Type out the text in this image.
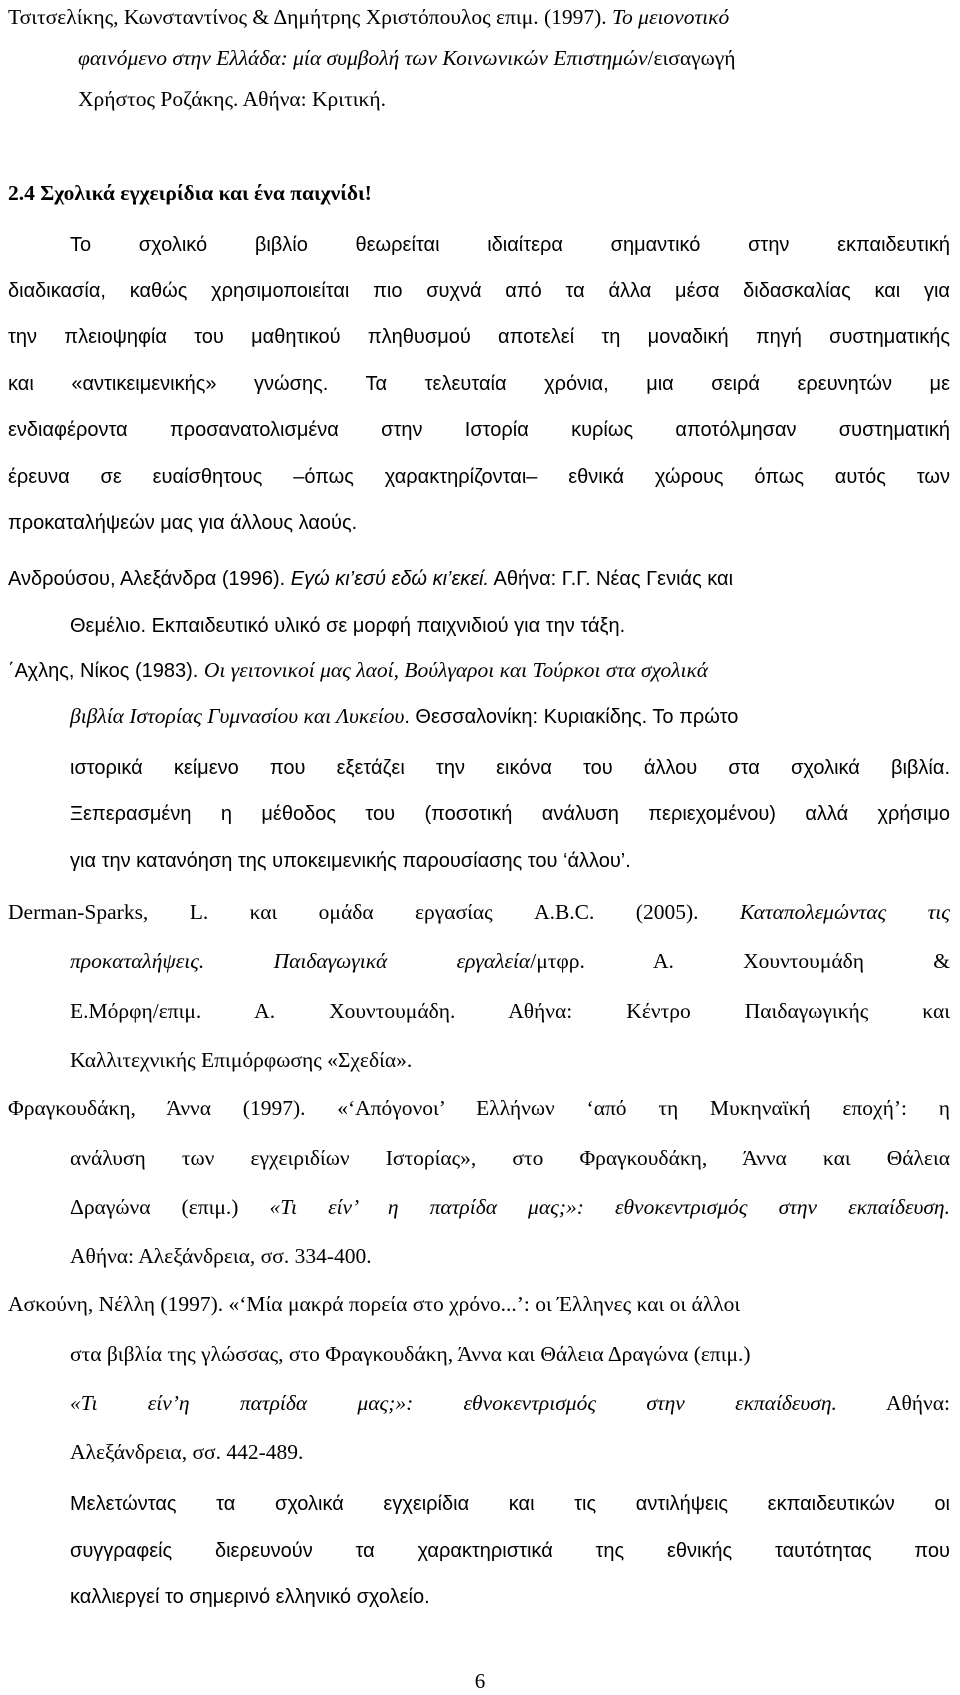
Τσιτσελίκης, Κωνσταντίνος & Δημήτρης Χριστόπουλος επιμ. (1997). Το μειονοτικό
φαινόμενο στην Ελλάδα: μία συμβολή των Κοινωνικών Επιστημών/εισαγωγή
Χρήστος Ροζάκης. Αθήνα: Κριτική.
2.4 Σχολικά εγχειρίδια και ένα παιχνίδι!
Το σχολικό βιβλίο θεωρείται ιδιαίτερα σημαντικό στην εκπαιδευτική
διαδικασία, καθώς χρησιμοποιείται πιο συχνά από τα άλλα μέσα διδασκαλίας και για
την πλειοψηφία του μαθητικού πληθυσμού αποτελεί τη μοναδική πηγή συστηματικής
και «αντικειμενικής» γνώσης. Τα τελευταία χρόνια, μια σειρά ερευνητών με
ενδιαφέροντα προσανατολισμένα στην Ιστορία κυρίως αποτόλμησαν συστηματική
έρευνα σε ευαίσθητους –όπως χαρακτηρίζονται– εθνικά χώρους όπως αυτός των
προκαταλήψεών μας για άλλους λαούς.
Ανδρούσου, Αλεξάνδρα (1996). Εγώ κι’εσύ εδώ κι’εκεί. Αθήνα: Γ.Γ. Νέας Γενιάς και
Θεμέλιο. Εκπαιδευτικό υλικό σε μορφή παιχνιδιού για την τάξη.
΄Αχλης, Νίκος (1983). Οι γειτονικοί μας λαοί, Βούλγαροι και Τούρκοι στα σχολικά
βιβλία Ιστορίας Γυμνασίου και Λυκείου. Θεσσαλονίκη: Κυριακίδης. Το πρώτο
ιστορικά κείμενο που εξετάζει την εικόνα του άλλου στα σχολικά βιβλία.
Ξεπερασμένη η μέθοδος του (ποσοτική ανάλυση περιεχομένου) αλλά χρήσιμο
για την κατανόηση της υποκειμενικής παρουσίασης του ‘άλλου’.
Derman-Sparks, L. και ομάδα εργασίας A.B.C. (2005). Καταπολεμώντας τις
προκαταλήψεις. Παιδαγωγικά εργαλεία/μτφρ. Α. Χουντουμάδη &
Ε.Μόρφη/επιμ. Α. Χουντουμάδη. Αθήνα: Κέντρο Παιδαγωγικής και
Καλλιτεχνικής Επιμόρφωσης «Σχεδία».
Φραγκουδάκη, Άννα (1997). «‘Απόγονοι’ Ελλήνων ‘από τη Μυκηναϊκή εποχή’: η
ανάλυση των εγχειριδίων Ιστορίας», στο Φραγκουδάκη, Άννα και Θάλεια
Δραγώνα (επιμ.) «Τι είν’ η πατρίδα μας;»: εθνοκεντρισμός στην εκπαίδευση.
Αθήνα: Αλεξάνδρεια, σσ. 334-400.
Ασκούνη, Νέλλη (1997). «‘Μία μακρά πορεία στο χρόνο...’: οι Έλληνες και οι άλλοι
στα βιβλία της γλώσσας, στο Φραγκουδάκη, Άννα και Θάλεια Δραγώνα (επιμ.)
«Τι είν’η πατρίδα μας;»: εθνοκεντρισμός στην εκπαίδευση. Αθήνα:
Αλεξάνδρεια, σσ. 442-489.
Μελετώντας τα σχολικά εγχειρίδια και τις αντιλήψεις εκπαιδευτικών οι
συγγραφείς διερευνούν τα χαρακτηριστικά της εθνικής ταυτότητας που
καλλιεργεί το σημερινό ελληνικό σχολείο.
6
